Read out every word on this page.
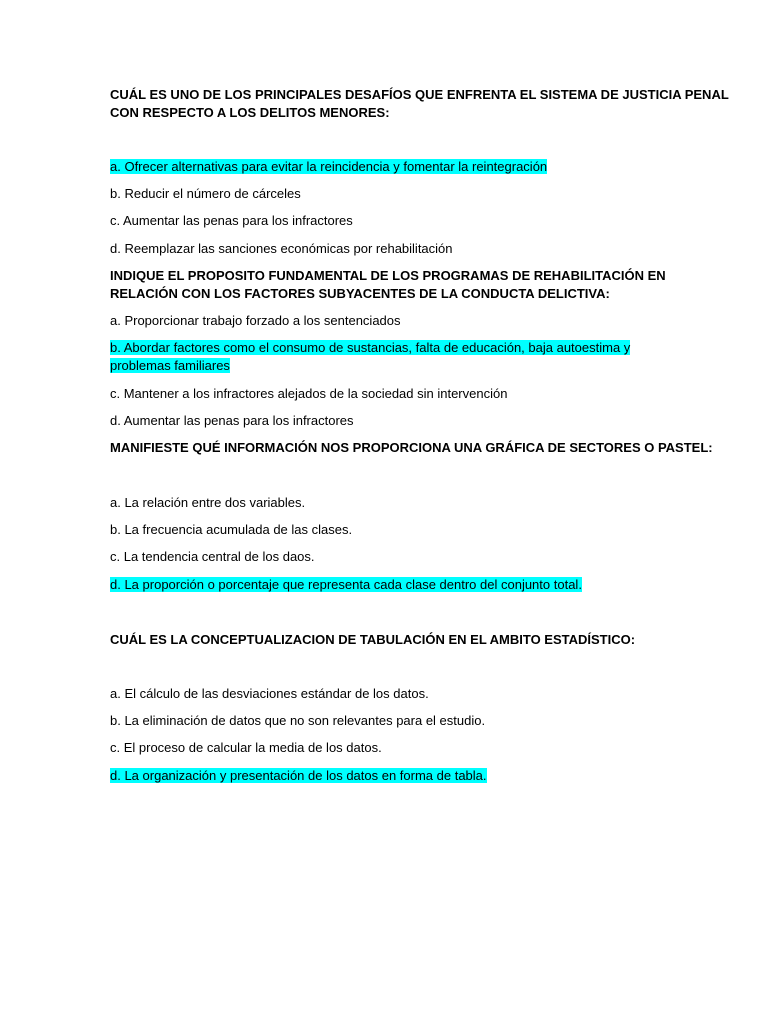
CUÁL ES UNO DE LOS PRINCIPALES DESAFÍOS QUE ENFRENTA EL SISTEMA DE JUSTICIA PENAL
CON RESPECTO A LOS DELITOS MENORES:
a. Ofrecer alternativas para evitar la reincidencia y fomentar la reintegración
b. Reducir el número de cárceles
c. Aumentar las penas para los infractores
d. Reemplazar las sanciones económicas por rehabilitación
INDIQUE EL PROPOSITO FUNDAMENTAL DE LOS PROGRAMAS DE REHABILITACIÓN EN
RELACIÓN CON LOS FACTORES SUBYACENTES DE LA CONDUCTA DELICTIVA:
a. Proporcionar trabajo forzado a los sentenciados
b. Abordar factores como el consumo de sustancias, falta de educación, baja autoestima y
problemas familiares
c. Mantener a los infractores alejados de la sociedad sin intervención
d. Aumentar las penas para los infractores
MANIFIESTE QUÉ INFORMACIÓN NOS PROPORCIONA UNA GRÁFICA DE SECTORES O PASTEL:
a. La relación entre dos variables.
b. La frecuencia acumulada de las clases.
c. La tendencia central de los daos.
d. La proporción o porcentaje que representa cada clase dentro del conjunto total.
CUÁL ES LA CONCEPTUALIZACION DE TABULACIÓN EN EL AMBITO ESTADÍSTICO:
a. El cálculo de las desviaciones estándar de los datos.
b. La eliminación de datos que no son relevantes para el estudio.
c. El proceso de calcular la media de los datos.
d. La organización y presentación de los datos en forma de tabla.
